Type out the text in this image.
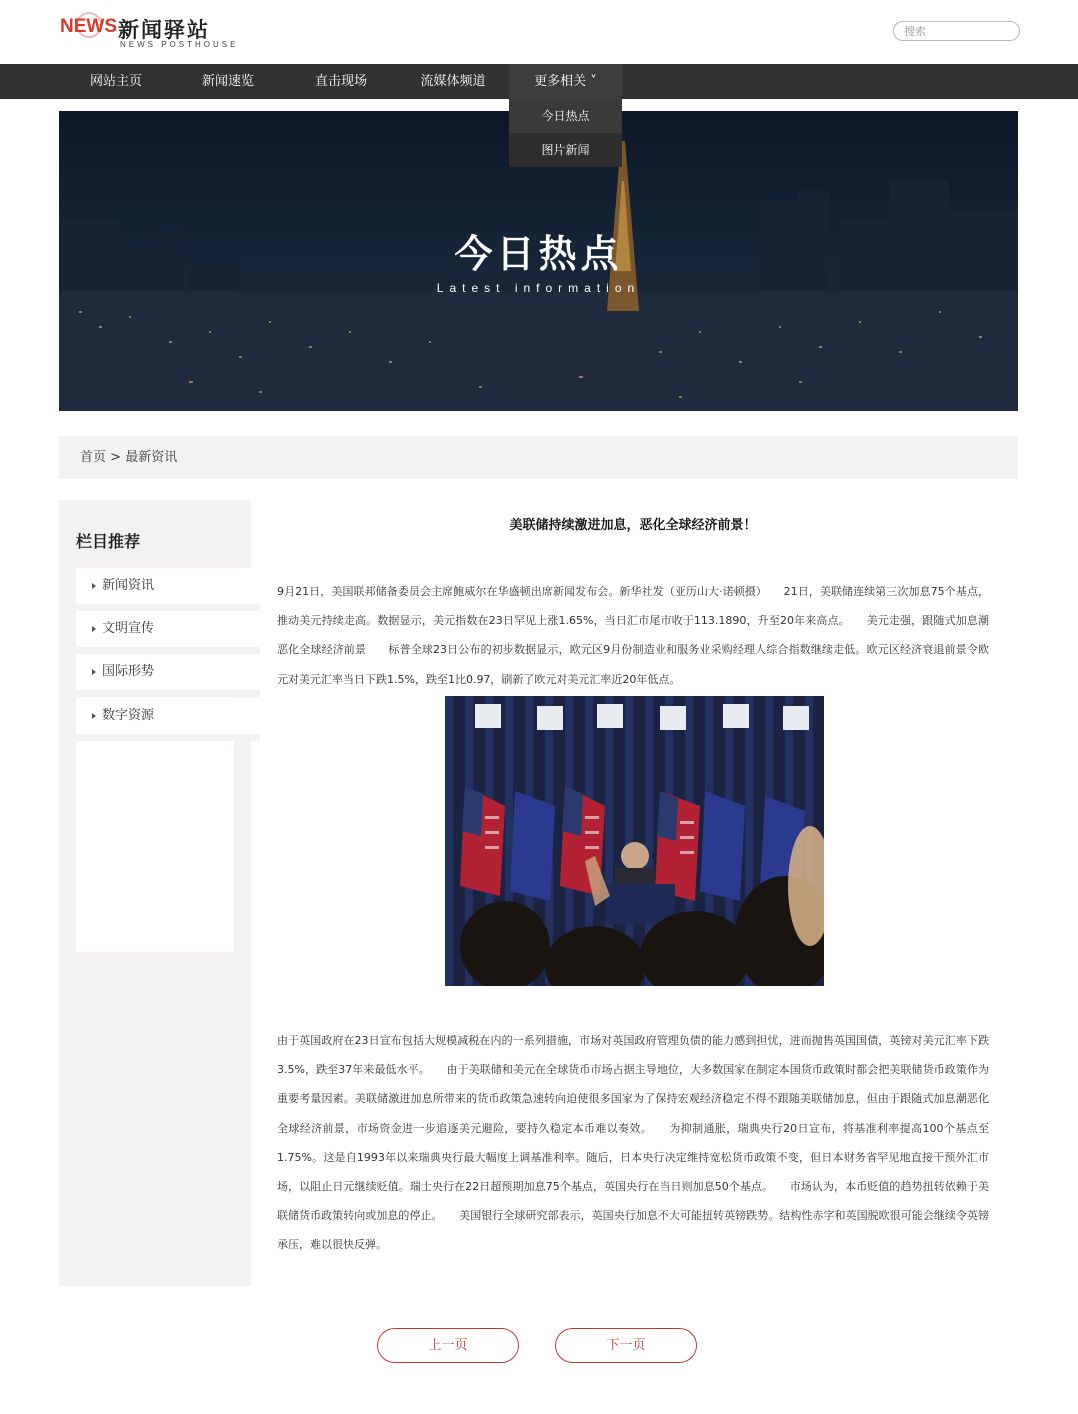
NEWS 新闻驿站
NEWS POSTHOUSE
搜索
网站主页	新闻速览	直击现场	流媒体频道	更多相关 ˅
今日热点
图片新闻
今日热点
Latest information
首页 > 最新资讯
栏目推荐
新闻资讯
文明宣传
国际形势
数字资源
美联储持续激进加息，恶化全球经济前景！
9月21日，美国联邦储备委员会主席鲍威尔在华盛顿出席新闻发布会。新华社发（亚历山大·诺顿摄）　　21日，美联储连续第三次加息75个基点，推动美元持续走高。数据显示，美元指数在23日罕见上涨1.65%，当日汇市尾市收于113.1890，升至20年来高点。　　美元走强，跟随式加息潮恶化全球经济前景　　标普全球23日公布的初步数据显示，欧元区9月份制造业和服务业采购经理人综合指数继续走低。欧元区经济衰退前景令欧元对美元汇率当日下跌1.5%，跌至1比0.97，刷新了欧元对美元汇率近20年低点。
由于英国政府在23日宣布包括大规模减税在内的一系列措施，市场对英国政府管理负债的能力感到担忧，进而抛售英国国债，英镑对美元汇率下跌3.5%，跌至37年来最低水平。　　由于美联储和美元在全球货币市场占据主导地位，大多数国家在制定本国货币政策时都会把美联储货币政策作为重要考量因素。美联储激进加息所带来的货币政策急速转向迫使很多国家为了保持宏观经济稳定不得不跟随美联储加息，但由于跟随式加息潮恶化全球经济前景，市场资金进一步追逐美元避险，要持久稳定本币难以奏效。　　为抑制通胀，瑞典央行20日宣布，将基准利率提高100个基点至1.75%。这是自1993年以来瑞典央行最大幅度上调基准利率。随后，日本央行决定维持宽松货币政策不变，但日本财务省罕见地直接干预外汇市场，以阻止日元继续贬值。瑞士央行在22日超预期加息75个基点，英国央行在当日则加息50个基点。　　市场认为，本币贬值的趋势扭转依赖于美联储货币政策转向或加息的停止。　　美国银行全球研究部表示，英国央行加息不大可能扭转英镑跌势。结构性赤字和英国脱欧很可能会继续令英镑承压，难以很快反弹。
上一页	下一页
